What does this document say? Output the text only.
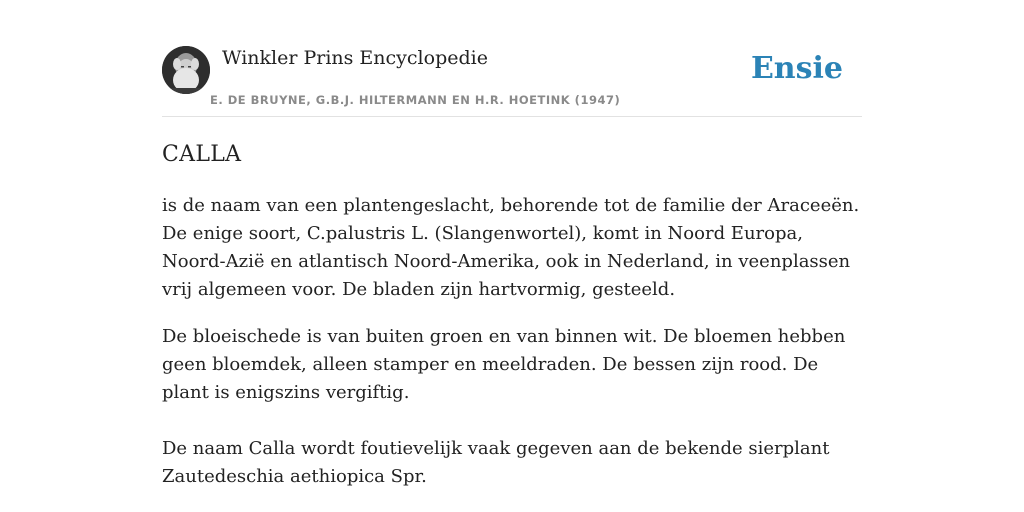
Winkler Prins Encyclopedie
E. DE BRUYNE, G.B.J. HILTERMANN EN H.R. HOETINK (1947)
Ensie
CALLA

is de naam van een plantengeslacht, behorende tot de familie der Araceeën. De enige soort, C.palustris L. (Slangenwortel), komt in Noord Europa, Noord-Azië en atlantisch Noord-Amerika, ook in Nederland, in veenplassen vrij algemeen voor. De bladen zijn hartvormig, gesteeld.

De bloeischede is van buiten groen en van binnen wit. De bloemen hebben geen bloemdek, alleen stamper en meeldraden. De bessen zijn rood. De plant is enigszins vergiftig.

De naam Calla wordt foutievelijk vaak gegeven aan de bekende sierplant Zautedeschia aethiopica Spr.
